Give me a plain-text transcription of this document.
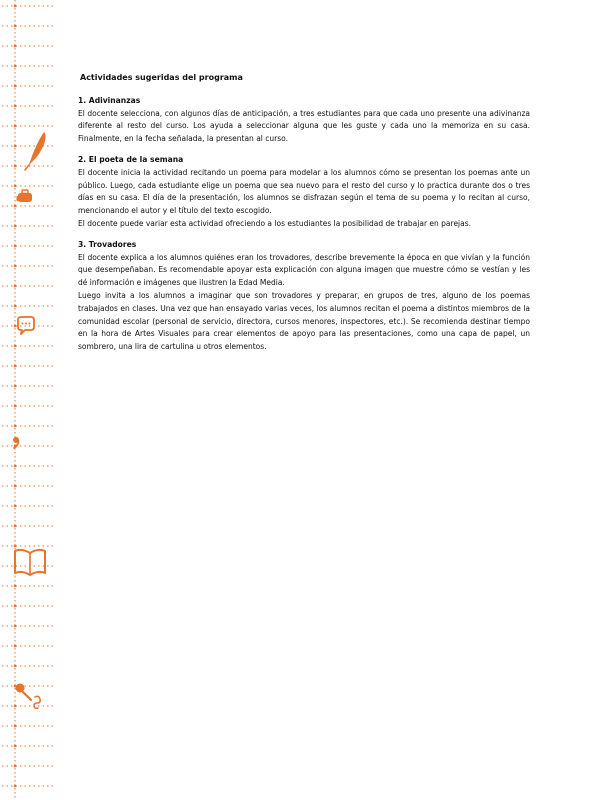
Actividades sugeridas del programa
1. Adivinanzas

El docente selecciona, con algunos días de anticipación, a tres estudiantes para que cada uno presente una adivinanza diferente al resto del curso. Los ayuda a seleccionar alguna que les guste y cada uno la memoriza en su casa. Finalmente, en la fecha señalada, la presentan al curso.

2. El poeta de la semana

El docente inicia la actividad recitando un poema para modelar a los alumnos cómo se presentan los poemas ante un público. Luego, cada estudiante elige un poema que sea nuevo para el resto del curso y lo practica durante dos o tres días en su casa. El día de la presentación, los alumnos se disfrazan según el tema de su poema y lo recitan al curso, mencionando el autor y el título del texto escogido.

El docente puede variar esta actividad ofreciendo a los estudiantes la posibilidad de trabajar en parejas.

3. Trovadores

El docente explica a los alumnos quiénes eran los trovadores, describe brevemente la época en que vivían y la función que desempeñaban. Es recomendable apoyar esta explicación con alguna imagen que muestre cómo se vestían y les dé información e imágenes que ilustren la Edad Media.

Luego invita a los alumnos a imaginar que son trovadores y preparar, en grupos de tres, alguno de los poemas trabajados en clases. Una vez que han ensayado varias veces, los alumnos recitan el poema a distintos miembros de la comunidad escolar (personal de servicio, directora, cursos menores, inspectores, etc.). Se recomienda destinar tiempo en la hora de Artes Visuales para crear elementos de apoyo para las presentaciones, como una capa de papel, un sombrero, una lira de cartulina u otros elementos.
